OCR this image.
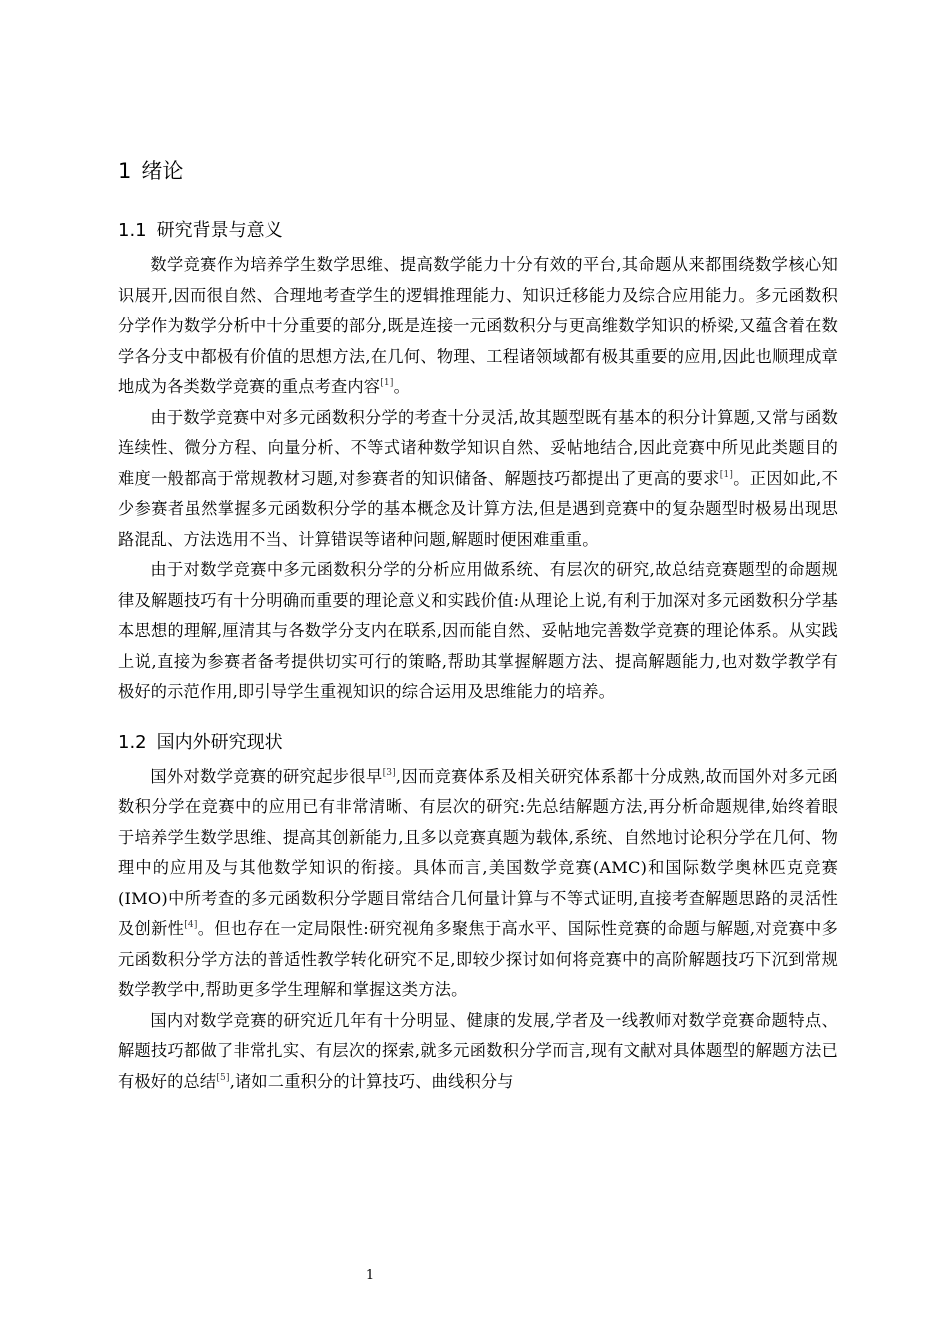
1 绪论
1.1 研究背景与意义

数学竞赛作为培养学生数学思维、提高数学能力十分有效的平台,其命题从来都围绕数学核心知识展开,因而很自然、合理地考查学生的逻辑推理能力、知识迁移能力及综合应用能力。多元函数积分学作为数学分析中十分重要的部分,既是连接一元函数积分与更高维数学知识的桥梁,又蕴含着在数学各分支中都极有价值的思想方法,在几何、物理、工程诸领域都有极其重要的应用,因此也顺理成章地成为各类数学竞赛的重点考查内容[1]。

由于数学竞赛中对多元函数积分学的考查十分灵活,故其题型既有基本的积分计算题,又常与函数连续性、微分方程、向量分析、不等式诸种数学知识自然、妥帖地结合,因此竞赛中所见此类题目的难度一般都高于常规教材习题,对参赛者的知识储备、解题技巧都提出了更高的要求[1]。正因如此,不少参赛者虽然掌握多元函数积分学的基本概念及计算方法,但是遇到竞赛中的复杂题型时极易出现思路混乱、方法选用不当、计算错误等诸种问题,解题时便困难重重。

由于对数学竞赛中多元函数积分学的分析应用做系统、有层次的研究,故总结竞赛题型的命题规律及解题技巧有十分明确而重要的理论意义和实践价值:从理论上说,有利于加深对多元函数积分学基本思想的理解,厘清其与各数学分支内在联系,因而能自然、妥帖地完善数学竞赛的理论体系。从实践上说,直接为参赛者备考提供切实可行的策略,帮助其掌握解题方法、提高解题能力,也对数学教学有极好的示范作用,即引导学生重视知识的综合运用及思维能力的培养。

1.2 国内外研究现状

国外对数学竞赛的研究起步很早[3],因而竞赛体系及相关研究体系都十分成熟,故而国外对多元函数积分学在竞赛中的应用已有非常清晰、有层次的研究:先总结解题方法,再分析命题规律,始终着眼于培养学生数学思维、提高其创新能力,且多以竞赛真题为载体,系统、自然地讨论积分学在几何、物理中的应用及与其他数学知识的衔接。具体而言,美国数学竞赛(AMC)和国际数学奥林匹克竞赛(IMO)中所考查的多元函数积分学题目常结合几何量计算与不等式证明,直接考查解题思路的灵活性及创新性[4]。但也存在一定局限性:研究视角多聚焦于高水平、国际性竞赛的命题与解题,对竞赛中多元函数积分学方法的普适性教学转化研究不足,即较少探讨如何将竞赛中的高阶解题技巧下沉到常规数学教学中,帮助更多学生理解和掌握这类方法。

国内对数学竞赛的研究近几年有十分明显、健康的发展,学者及一线教师对数学竞赛命题特点、解题技巧都做了非常扎实、有层次的探索,就多元函数积分学而言,现有文献对具体题型的解题方法已有极好的总结[5],诸如二重积分的计算技巧、曲线积分与

1
